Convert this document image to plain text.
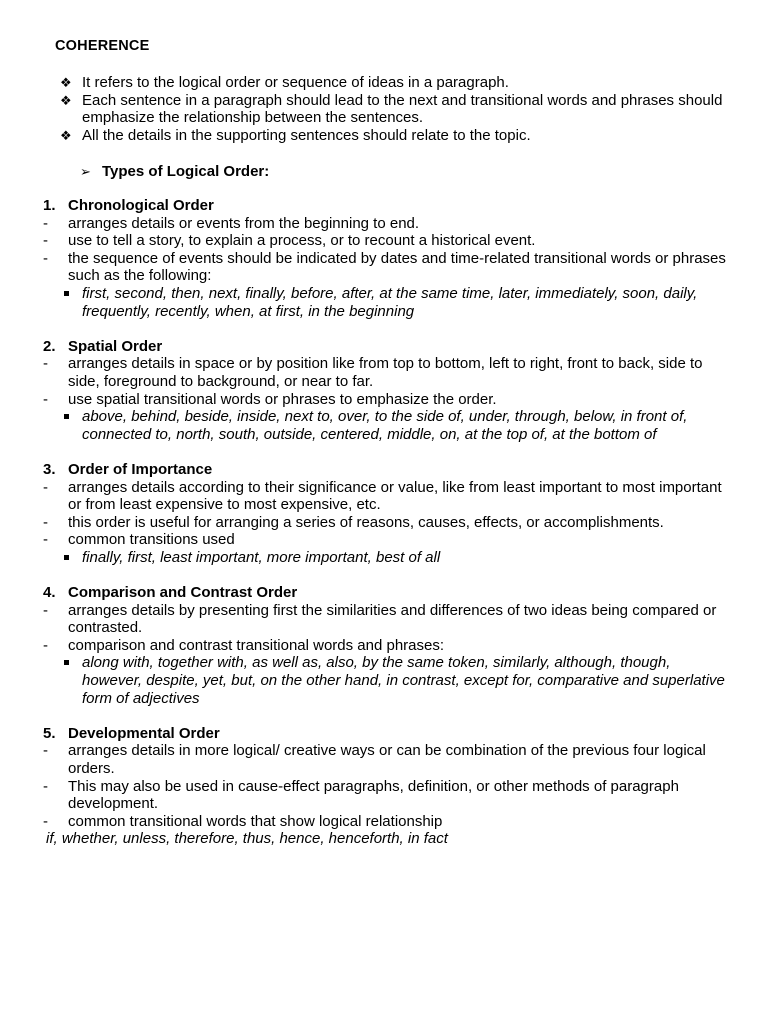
COHERENCE
❖ It refers to the logical order or sequence of ideas in a paragraph.
❖ Each sentence in a paragraph should lead to the next and transitional words and phrases should emphasize the relationship between the sentences.
❖ All the details in the supporting sentences should relate to the topic.
➢ Types of Logical Order:
1. Chronological Order
- arranges details or events from the beginning to end.
- use to tell a story, to explain a process, or to recount a historical event.
- the sequence of events should be indicated by dates and time-related transitional words or phrases such as the following:
first, second, then, next, finally, before, after, at the same time, later, immediately, soon, daily, frequently, recently, when, at first, in the beginning
2. Spatial Order
- arranges details in space or by position like from top to bottom, left to right, front to back, side to side, foreground to background, or near to far.
- use spatial transitional words or phrases to emphasize the order.
above, behind, beside, inside, next to, over, to the side of, under, through, below, in front of, connected to, north, south, outside, centered, middle, on, at the top of, at the bottom of
3. Order of Importance
- arranges details according to their significance or value, like from least important to most important or from least expensive to most expensive, etc.
- this order is useful for arranging a series of reasons, causes, effects, or accomplishments.
- common transitions used
finally, first, least important, more important, best of all
4. Comparison and Contrast Order
- arranges details by presenting first the similarities and differences of two ideas being compared or contrasted.
- comparison and contrast transitional words and phrases:
along with, together with, as well as, also, by the same token, similarly, although, though, however, despite, yet, but, on the other hand, in contrast, except for, comparative and superlative form of adjectives
5. Developmental Order
- arranges details in more logical/ creative ways or can be combination of the previous four logical orders.
- This may also be used in cause-effect paragraphs, definition, or other methods of paragraph development.
- common transitional words that show logical relationship
if, whether, unless, therefore, thus, hence, henceforth, in fact
